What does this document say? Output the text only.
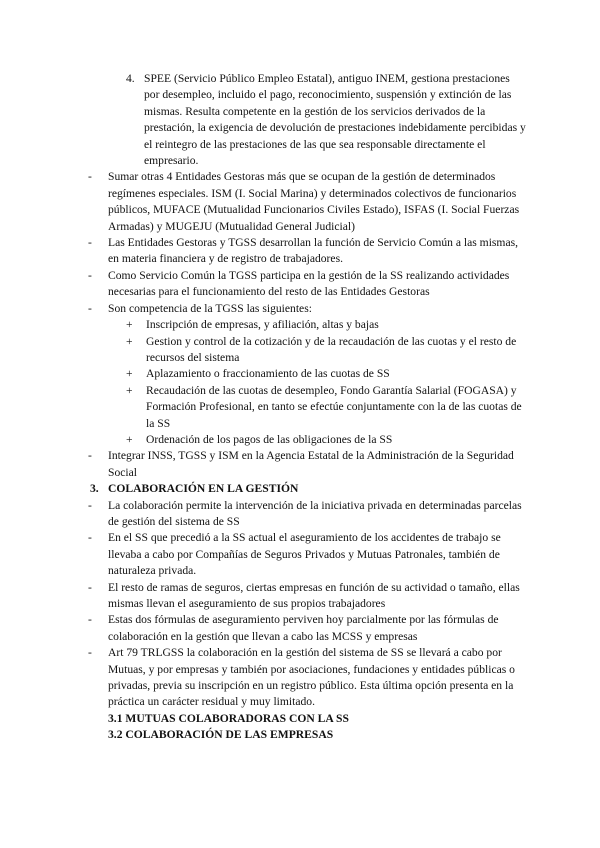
4. SPEE (Servicio Público Empleo Estatal), antiguo INEM, gestiona prestaciones por desempleo, incluido el pago, reconocimiento, suspensión y extinción de las mismas. Resulta competente en la gestión de los servicios derivados de la prestación, la exigencia de devolución de prestaciones indebidamente percibidas y el reintegro de las prestaciones de las que sea responsable directamente el empresario.
-	Sumar otras 4 Entidades Gestoras más que se ocupan de la gestión de determinados regímenes especiales. ISM (I. Social Marina) y determinados colectivos de funcionarios públicos, MUFACE (Mutualidad Funcionarios Civiles Estado), ISFAS (I. Social Fuerzas Armadas) y MUGEJU (Mutualidad General Judicial)
-	Las Entidades Gestoras y TGSS desarrollan la función de Servicio Común a las mismas, en materia financiera y de registro de trabajadores.
-	Como Servicio Común la TGSS participa en la gestión de la SS realizando actividades necesarias para el funcionamiento del resto de las Entidades Gestoras
-	Son competencia de la TGSS las siguientes:
+	Inscripción de empresas, y afiliación, altas y bajas
+	Gestion y control de la cotización y de la recaudación de las cuotas y el resto de recursos del sistema
+	Aplazamiento o fraccionamiento de las cuotas de SS
+	Recaudación de las cuotas de desempleo, Fondo Garantía Salarial (FOGASA) y Formación Profesional, en tanto se efectúe conjuntamente con la de las cuotas de la SS
+	Ordenación de los pagos de las obligaciones de la SS
-	Integrar INSS, TGSS y ISM en la Agencia Estatal de la Administración de la Seguridad Social
3. COLABORACIÓN EN LA GESTIÓN
-	La colaboración permite la intervención de la iniciativa privada en determinadas parcelas de gestión del sistema de SS
-	En el SS que precedió a la SS actual el aseguramiento de los accidentes de trabajo se llevaba a cabo por Compañías de Seguros Privados y Mutuas Patronales, también de naturaleza privada.
-	El resto de ramas de seguros, ciertas empresas en función de su actividad o tamaño, ellas mismas llevan el aseguramiento de sus propios trabajadores
-	Estas dos fórmulas de aseguramiento perviven hoy parcialmente por las fórmulas de colaboración en la gestión que llevan a cabo las MCSS y empresas
-	Art 79 TRLGSS la colaboración en la gestión del sistema de SS se llevará a cabo por Mutuas, y por empresas y también por asociaciones, fundaciones y entidades públicas o privadas, previa su inscripción en un registro público. Esta última opción presenta en la práctica un carácter residual y muy limitado.
3.1 MUTUAS COLABORADORAS CON LA SS
3.2 COLABORACIÓN DE LAS EMPRESAS
